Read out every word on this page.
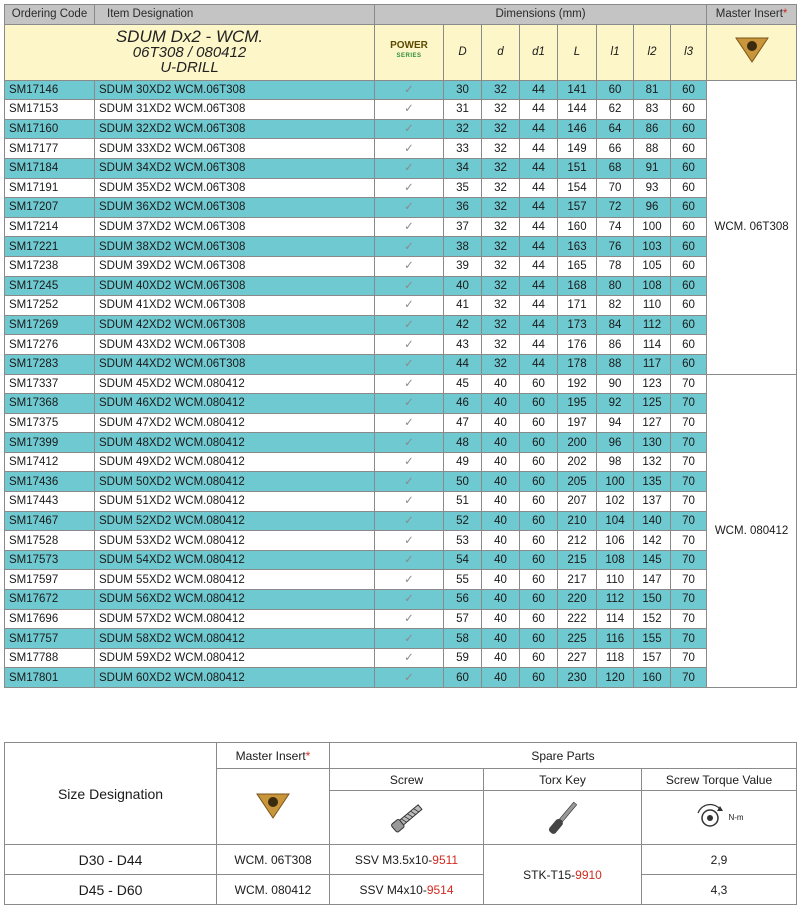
Ordering Code	Item Designation	Dimensions (mm)								Master Insert*

SDUM Dx2 - WCM.
06T308 / 080412
U-DRILL		POWER
SERIES	D	d	d1	L	l1	l2	l3	
SM17146	SDUM 30XD2 WCM.06T308	✓	30	32	44	141	60	81	60	WCM. 06T308
SM17153	SDUM 31XD2 WCM.06T308	✓	31	32	44	144	62	83	60	
SM17160	SDUM 32XD2 WCM.06T308	✓	32	32	44	146	64	86	60	
SM17177	SDUM 33XD2 WCM.06T308	✓	33	32	44	149	66	88	60	
SM17184	SDUM 34XD2 WCM.06T308	✓	34	32	44	151	68	91	60	
SM17191	SDUM 35XD2 WCM.06T308	✓	35	32	44	154	70	93	60	
SM17207	SDUM 36XD2 WCM.06T308	✓	36	32	44	157	72	96	60	
SM17214	SDUM 37XD2 WCM.06T308	✓	37	32	44	160	74	100	60	
SM17221	SDUM 38XD2 WCM.06T308	✓	38	32	44	163	76	103	60	
SM17238	SDUM 39XD2 WCM.06T308	✓	39	32	44	165	78	105	60	
SM17245	SDUM 40XD2 WCM.06T308	✓	40	32	44	168	80	108	60	
SM17252	SDUM 41XD2 WCM.06T308	✓	41	32	44	171	82	110	60	
SM17269	SDUM 42XD2 WCM.06T308	✓	42	32	44	173	84	112	60	
SM17276	SDUM 43XD2 WCM.06T308	✓	43	32	44	176	86	114	60	
SM17283	SDUM 44XD2 WCM.06T308	✓	44	32	44	178	88	117	60	
SM17337	SDUM 45XD2 WCM.080412	✓	45	40	60	192	90	123	70	WCM. 080412
SM17368	SDUM 46XD2 WCM.080412	✓	46	40	60	195	92	125	70	
SM17375	SDUM 47XD2 WCM.080412	✓	47	40	60	197	94	127	70	
SM17399	SDUM 48XD2 WCM.080412	✓	48	40	60	200	96	130	70	
SM17412	SDUM 49XD2 WCM.080412	✓	49	40	60	202	98	132	70	
SM17436	SDUM 50XD2 WCM.080412	✓	50	40	60	205	100	135	70	
SM17443	SDUM 51XD2 WCM.080412	✓	51	40	60	207	102	137	70	
SM17467	SDUM 52XD2 WCM.080412	✓	52	40	60	210	104	140	70	
SM17528	SDUM 53XD2 WCM.080412	✓	53	40	60	212	106	142	70	
SM17573	SDUM 54XD2 WCM.080412	✓	54	40	60	215	108	145	70	
SM17597	SDUM 55XD2 WCM.080412	✓	55	40	60	217	110	147	70	
SM17672	SDUM 56XD2 WCM.080412	✓	56	40	60	220	112	150	70	
SM17696	SDUM 57XD2 WCM.080412	✓	57	40	60	222	114	152	70	
SM17757	SDUM 58XD2 WCM.080412	✓	58	40	60	225	116	155	70	
SM17788	SDUM 59XD2 WCM.080412	✓	59	40	60	227	118	157	70	
SM17801	SDUM 60XD2 WCM.080412	✓	60	40	60	230	120	160	70	
Size Designation	Master Insert*	Spare Parts		
	Screw	Torx Key	Screw Torque Value

N-m

D30 - D44	WCM. 06T308	SSV M3.5x10-9511	STK-T15-9910	2,9
D45 - D60	WCM. 080412	SSV M4x10-9514		4,3
